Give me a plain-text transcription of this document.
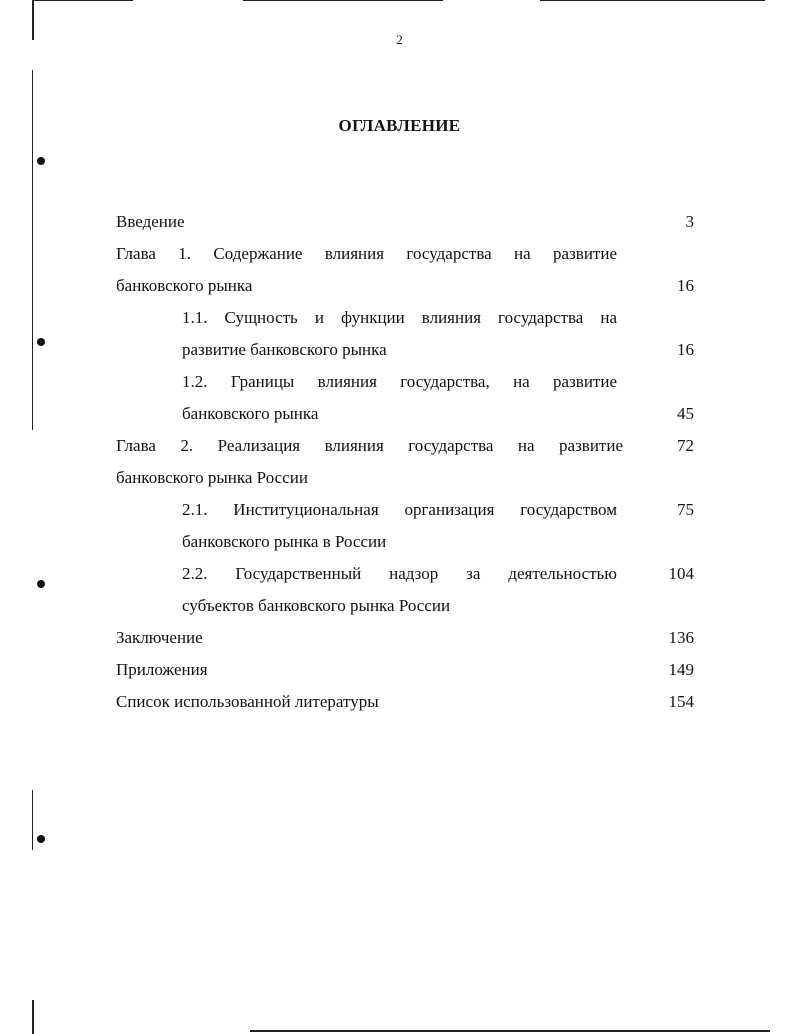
2
ОГЛАВЛЕНИЕ
Введение	3
Глава 1. Содержание влияния государства на развитие
банковского рынка	16
1.1. Сущность и функции влияния государства на
развитие банковского рынка	16
1.2. Границы влияния государства, на развитие
банковского рынка	45
Глава 2. Реализация влияния государства на развитие	72
банковского рынка России
2.1. Институциональная организация государством	75
банковского рынка в России
2.2. Государственный надзор за деятельностью	104
субъектов банковского рынка России
Заключение	136
Приложения	149
Список использованной литературы	154
